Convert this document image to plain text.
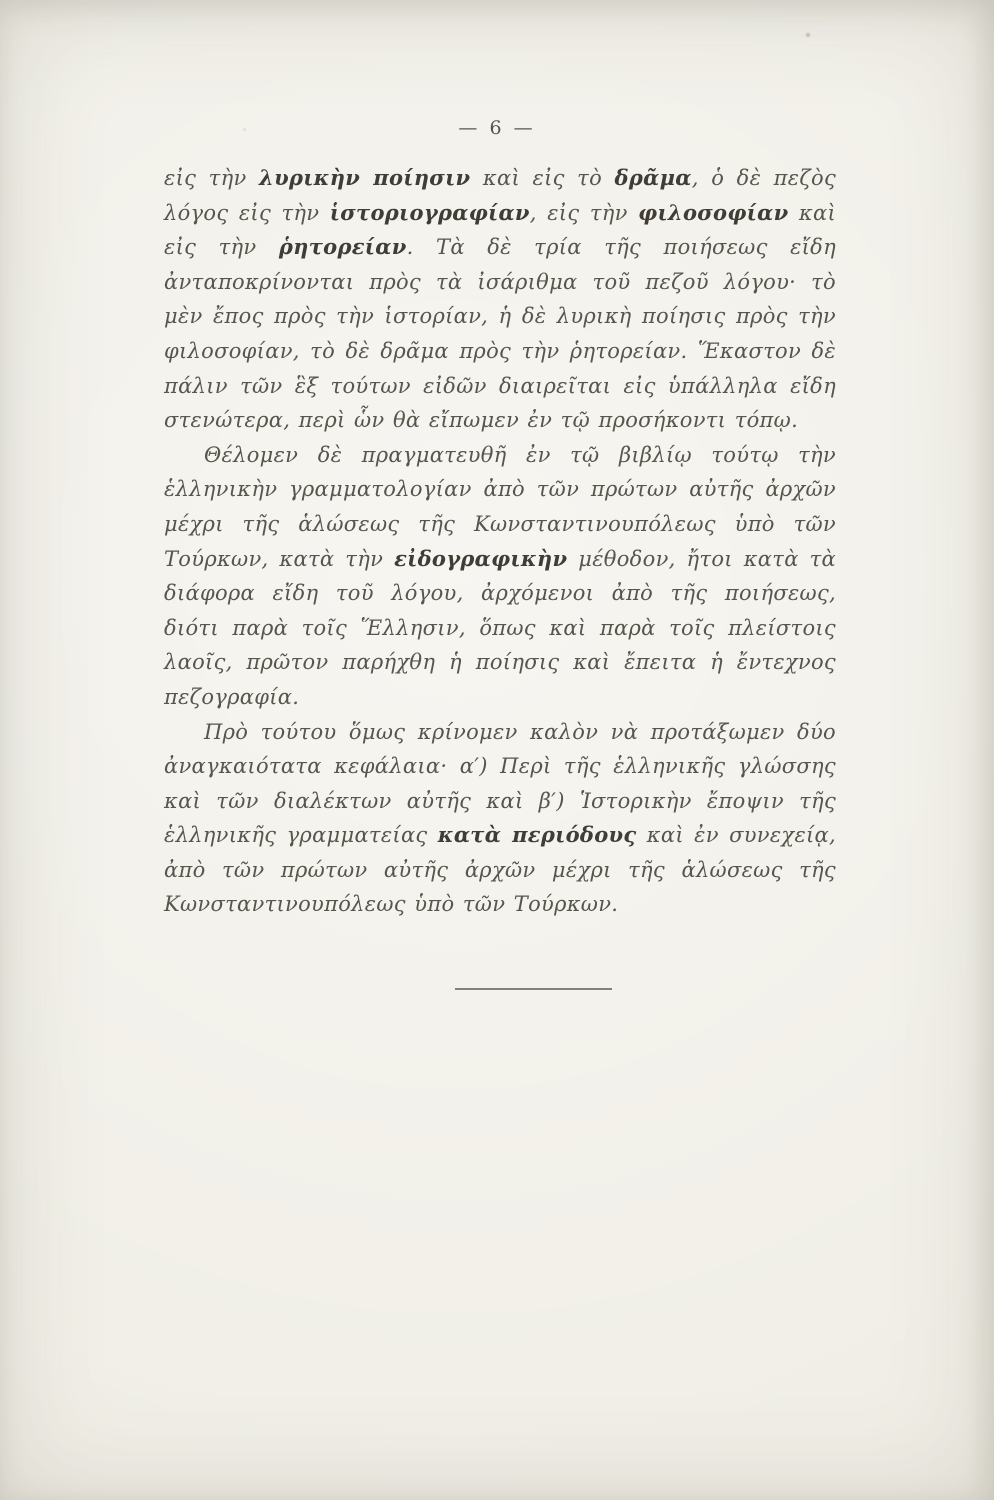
— 6 —

εἰς τὴν λυρικὴν ποίησιν καὶ εἰς τὸ δρᾶμα, ὁ δὲ πεζὸς λόγος εἰς τὴν ἱστοριογραφίαν, εἰς τὴν φιλοσοφίαν καὶ εἰς τὴν ῥητορείαν. Τὰ δὲ τρία τῆς ποιήσεως εἴδη ἀνταποκρίνονται πρὸς τὰ ἰσάριθμα τοῦ πεζοῦ λόγου· τὸ μὲν ἔπος πρὸς τὴν ἱστορίαν, ἡ δὲ λυρικὴ ποίησις πρὸς τὴν φιλοσοφίαν, τὸ δὲ δρᾶμα πρὸς τὴν ῥητορείαν. Ἕκαστον δὲ πάλιν τῶν ἓξ τούτων εἰδῶν διαιρεῖται εἰς ὑπάλληλα εἴδη στενώτερα, περὶ ὧν θὰ εἴπωμεν ἐν τῷ προσήκοντι τόπῳ.

Θέλομεν δὲ πραγματευθῆ ἐν τῷ βιβλίῳ τούτῳ τὴν ἑλληνικὴν γραμματολογίαν ἀπὸ τῶν πρώτων αὐτῆς ἀρχῶν μέχρι τῆς ἁλώσεως τῆς Κωνσταντινουπόλεως ὑπὸ τῶν Τούρκων, κατὰ τὴν εἰδογραφικὴν μέθοδον, ἤτοι κατὰ τὰ διάφορα εἴδη τοῦ λόγου, ἀρχόμενοι ἀπὸ τῆς ποιήσεως, διότι παρὰ τοῖς Ἕλλησιν, ὅπως καὶ παρὰ τοῖς πλείστοις λαοῖς, πρῶτον παρήχθη ἡ ποίησις καὶ ἔπειτα ἡ ἔντεχνος πεζογραφία.

Πρὸ τούτου ὅμως κρίνομεν καλὸν νὰ προτάξωμεν δύο ἀναγκαιότατα κεφάλαια· α′) Περὶ τῆς ἑλληνικῆς γλώσσης καὶ τῶν διαλέκτων αὐτῆς καὶ β′) Ἱστορικὴν ἔποψιν τῆς ἑλληνικῆς γραμματείας κατὰ περιόδους καὶ ἐν συνεχείᾳ, ἀπὸ τῶν πρώτων αὐτῆς ἀρχῶν μέχρι τῆς ἁλώσεως τῆς Κωνσταντινουπόλεως ὑπὸ τῶν Τούρκων.
